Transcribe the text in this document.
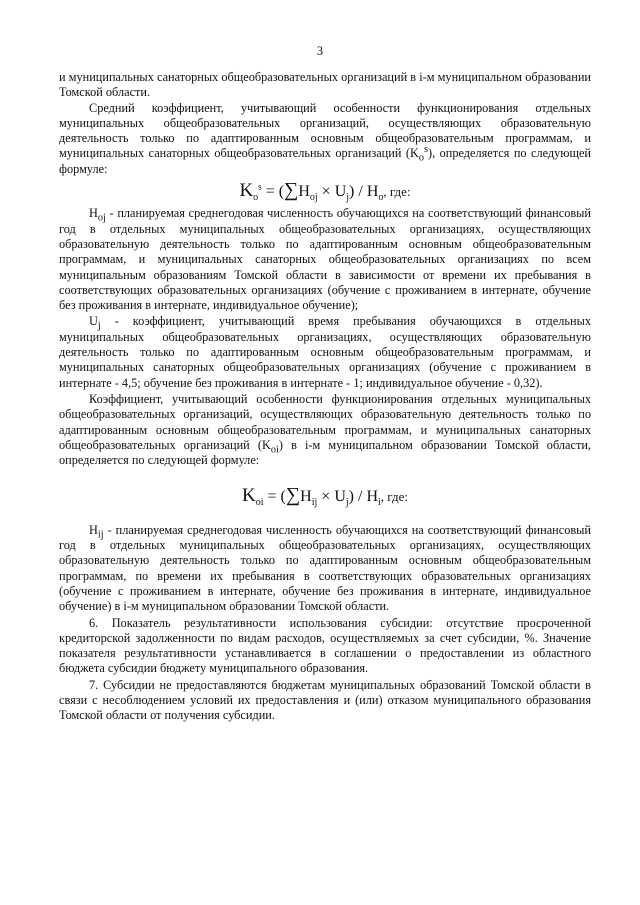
3

и муниципальных санаторных общеобразовательных организаций в i-м муниципальном образовании Томской области.

Средний коэффициент, учитывающий особенности функционирования отдельных муниципальных общеобразовательных организаций, осуществляющих образовательную деятельность только по адаптированным основным общеобразовательным программам, и муниципальных санаторных общеобразовательных организаций $(K_o^s)$, определяется по следующей формуле:

$K_o^s = (\sum H_{oj} \times U_j) / H_o$, где:

$H_{oj}$ - планируемая среднегодовая численность обучающихся на соответствующий финансовый год в отдельных муниципальных общеобразовательных организациях, осуществляющих образовательную деятельность только по адаптированным основным общеобразовательным программам, и муниципальных санаторных общеобразовательных организациях по всем муниципальным образованиям Томской области в зависимости от времени их пребывания в соответствующих образовательных организациях (обучение с проживанием в интернате, обучение без проживания в интернате, индивидуальное обучение);

$U_j$ - коэффициент, учитывающий время пребывания обучающихся в отдельных муниципальных общеобразовательных организациях, осуществляющих образовательную деятельность только по адаптированным основным общеобразовательным программам, и муниципальных санаторных общеобразовательных организациях (обучение с проживанием в интернате - 4,5; обучение без проживания в интернате - 1; индивидуальное обучение - 0,32).

Коэффициент, учитывающий особенности функционирования отдельных муниципальных общеобразовательных организаций, осуществляющих образовательную деятельность только по адаптированным основным общеобразовательным программам, и муниципальных санаторных общеобразовательных организаций $(K_{oi})$ в i-м муниципальном образовании Томской области, определяется по следующей формуле:

$K_{oi} = (\sum H_{ij} \times U_j) / H_i$, где:

$H_{ij}$ - планируемая среднегодовая численность обучающихся на соответствующий финансовый год в отдельных муниципальных общеобразовательных организациях, осуществляющих образовательную деятельность только по адаптированным основным общеобразовательным программам, по времени их пребывания в соответствующих образовательных организациях (обучение с проживанием в интернате, обучение без проживания в интернате, индивидуальное обучение) в i-м муниципальном образовании Томской области.

6. Показатель результативности использования субсидии: отсутствие просроченной кредиторской задолженности по видам расходов, осуществляемых за счет субсидии, %. Значение показателя результативности устанавливается в соглашении о предоставлении из областного бюджета субсидии бюджету муниципального образования.

7. Субсидии не предоставляются бюджетам муниципальных образований Томской области в связи с несоблюдением условий их предоставления и (или) отказом муниципального образования Томской области от получения субсидии.
